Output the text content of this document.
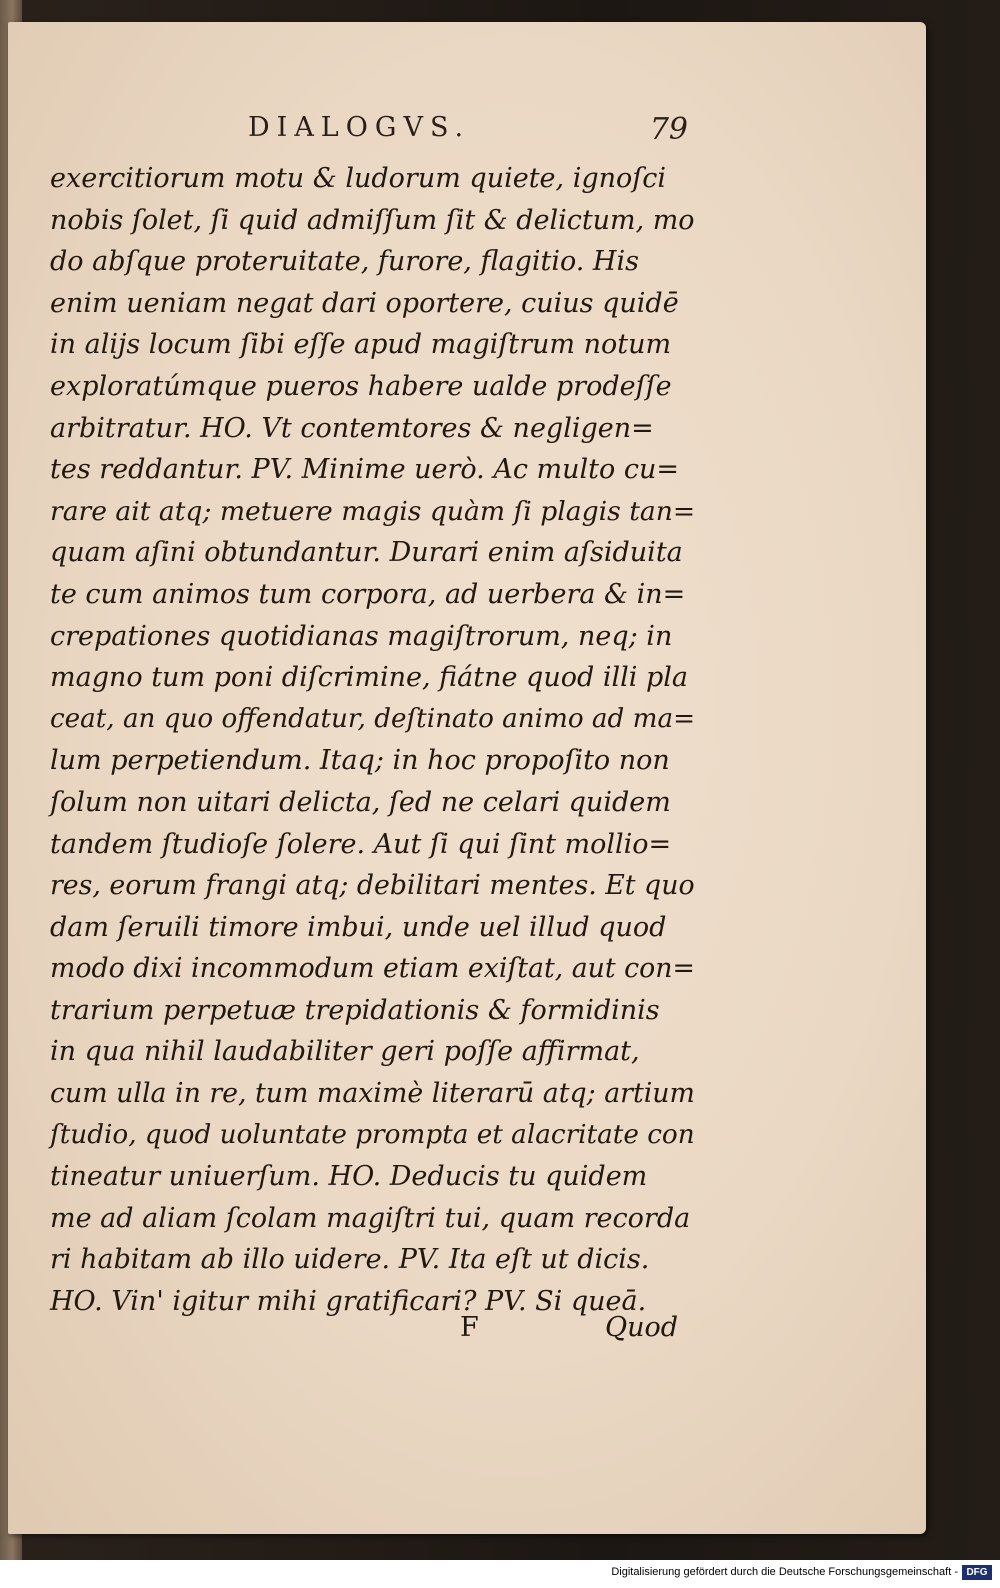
DIALOGVS.	79
exercitiorum motu & ludorum quiete, ignoſci
nobis ſolet, ſi quid admiſſum ſit & delictum, mo
do abſque proteruitate, furore, flagitio. His
enim ueniam negat dari oportere, cuius quidē
in alijs locum ſibi eſſe apud magiſtrum notum
exploratúmque pueros habere ualde prodeſſe
arbitratur. HO. Vt contemtores & negligen=
tes reddantur. PV. Minime uerò. Ac multo cu=
rare ait atq; metuere magis quàm ſi plagis tan=
quam aſini obtundantur. Durari enim aſsiduita
te cum animos tum corpora, ad uerbera & in=
crepationes quotidianas magiſtrorum, neq; in
magno tum poni diſcrimine, fiátne quod illi pla
ceat, an quo offendatur, deſtinato animo ad ma=
lum perpetiendum. Itaq; in hoc propoſito non
ſolum non uitari delicta, ſed ne celari quidem
tandem ſtudioſe ſolere. Aut ſi qui ſint mollio=
res, eorum frangi atq; debilitari mentes. Et quo
dam ſeruili timore imbui, unde uel illud quod
modo dixi incommodum etiam exiſtat, aut con=
trarium perpetuæ trepidationis & formidinis
in qua nihil laudabiliter geri poſſe affirmat,
cum ulla in re, tum maximè literarū atq; artium
ſtudio, quod uoluntate prompta et alacritate con
tineatur uniuerſum. HO. Deducis tu quidem
me ad aliam ſcolam magiſtri tui, quam recorda
ri habitam ab illo uidere. PV. Ita eſt ut dicis.
HO. Vin' igitur mihi gratificari? PV. Si queā.
F	Quod
Digitalisierung gefördert durch die Deutsche Forschungsgemeinschaft - DFG
